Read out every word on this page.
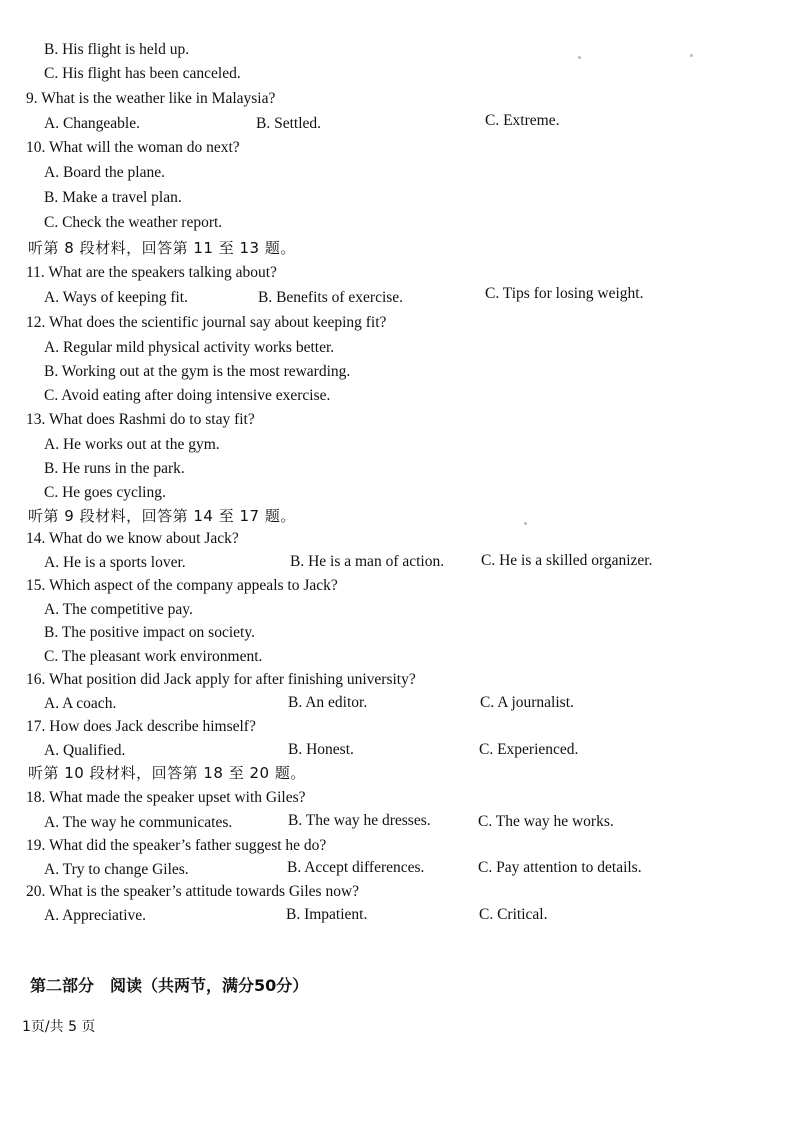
B. His flight is held up.
C. His flight has been canceled.
9. What is the weather like in Malaysia?
A. Changeable.	B. Settled.	C. Extreme.
10. What will the woman do next?
A. Board the plane.
B. Make a travel plan.
C. Check the weather report.
听第 8 段材料，回答第 11 至 13 题。
11. What are the speakers talking about?
A. Ways of keeping fit.	B. Benefits of exercise.	C. Tips for losing weight.
12. What does the scientific journal say about keeping fit?
A. Regular mild physical activity works better.
B. Working out at the gym is the most rewarding.
C. Avoid eating after doing intensive exercise.
13. What does Rashmi do to stay fit?
A. He works out at the gym.
B. He runs in the park.
C. He goes cycling.
听第 9 段材料，回答第 14 至 17 题。
14. What do we know about Jack?
A. He is a sports lover.	B. He is a man of action. C. He is a skilled organizer.
15. Which aspect of the company appeals to Jack?
A. The competitive pay.
B. The positive impact on society.
C. The pleasant work environment.
16. What position did Jack apply for after finishing university?
A. A coach.	B. An editor.	C. A journalist.
17. How does Jack describe himself?
A. Qualified.	B. Honest.	C. Experienced.
听第 10 段材料，回答第 18 至 20 题。
18. What made the speaker upset with Giles?
A. The way he communicates.	B. The way he dresses.	C. The way he works.
19. What did the speaker’s father suggest he do?
A. Try to change Giles.	B. Accept differences.	C. Pay attention to details.
20. What is the speaker’s attitude towards Giles now?
A. Appreciative.	B. Impatient.	C. Critical.
第二部分　阅读（共两节，满分50分）
1页/共 5 页
